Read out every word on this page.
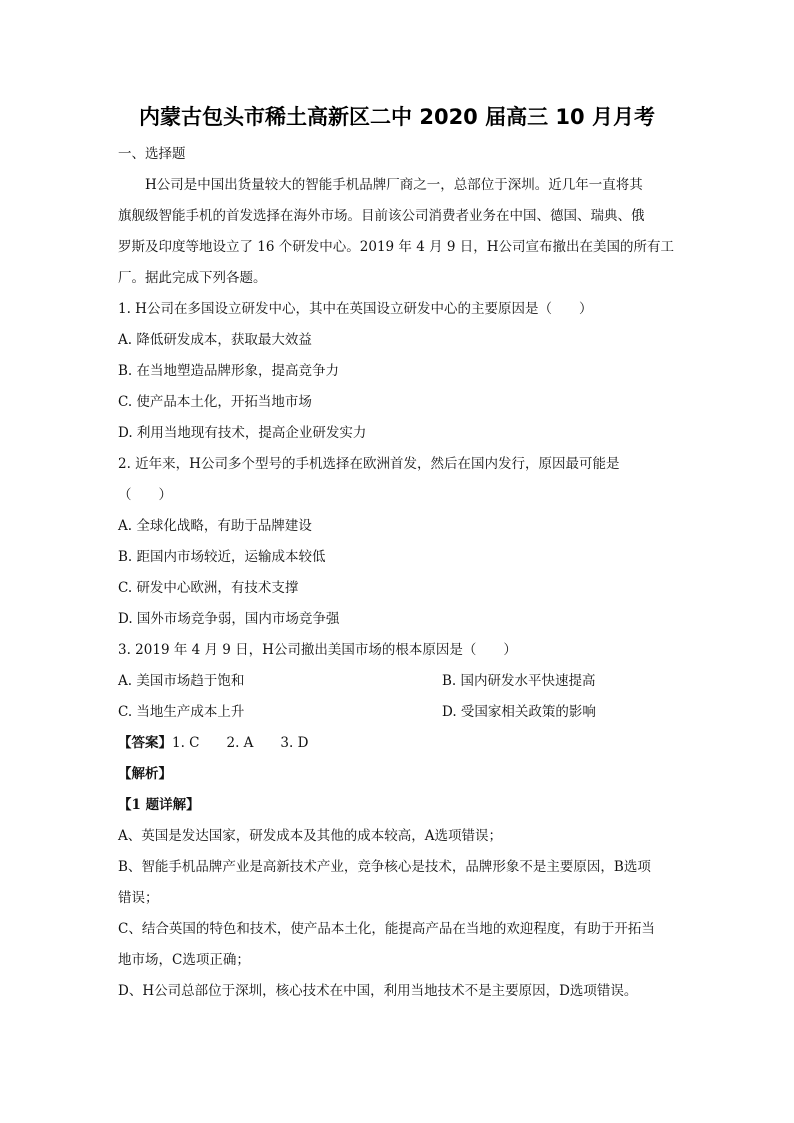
内蒙古包头市稀土高新区二中 2020 届高三 10 月月考
一、选择题
H公司是中国出货量较大的智能手机品牌厂商之一，总部位于深圳。近几年一直将其
旗舰级智能手机的首发选择在海外市场。目前该公司消费者业务在中国、德国、瑞典、俄
罗斯及印度等地设立了 16 个研发中心。2019 年 4 月 9 日，H公司宣布撤出在美国的所有工
厂。据此完成下列各题。
1. H公司在多国设立研发中心，其中在英国设立研发中心的主要原因是（　　）
A. 降低研发成本，获取最大效益
B. 在当地塑造品牌形象，提高竞争力
C. 使产品本土化，开拓当地市场
D. 利用当地现有技术，提高企业研发实力
2. 近年来，H公司多个型号的手机选择在欧洲首发，然后在国内发行，原因最可能是
（　　）
A. 全球化战略，有助于品牌建设
B. 距国内市场较近，运输成本较低
C. 研发中心欧洲，有技术支撑
D. 国外市场竞争弱，国内市场竞争强
3. 2019 年 4 月 9 日，H公司撤出美国市场的根本原因是（　　）
A. 美国市场趋于饱和	B. 国内研发水平快速提高
C. 当地生产成本上升	D. 受国家相关政策的影响
【答案】1. C　　2. A　　3. D
【解析】
【1 题详解】
A、英国是发达国家，研发成本及其他的成本较高，A选项错误；
B、智能手机品牌产业是高新技术产业，竞争核心是技术，品牌形象不是主要原因，B选项
错误；
C、结合英国的特色和技术，使产品本土化，能提高产品在当地的欢迎程度，有助于开拓当
地市场，C选项正确；
D、H公司总部位于深圳，核心技术在中国，利用当地技术不是主要原因，D选项错误。
